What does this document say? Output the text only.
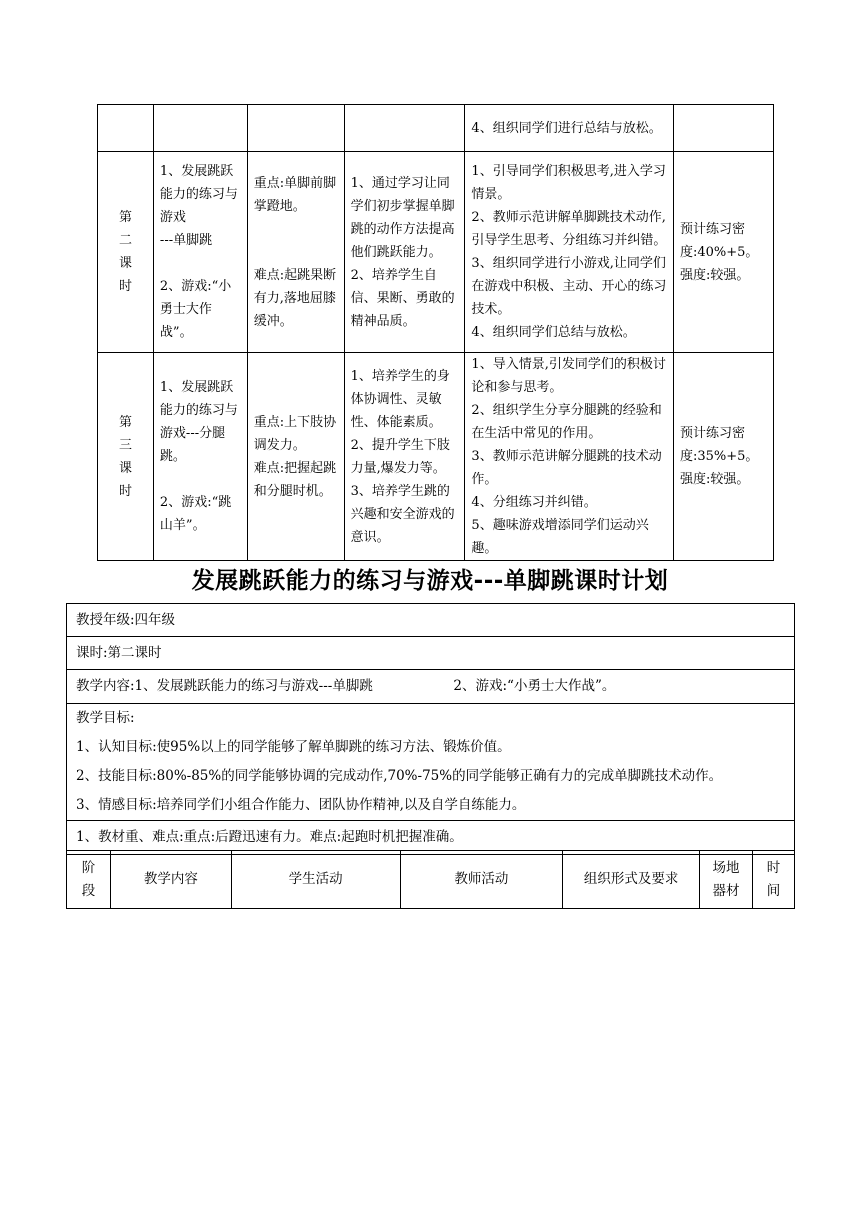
				4、组织同学们进行总结与放松。	
第
二
课
时	1、发展跳跃能力的练习与游戏
---单脚跳

2、游戏:“小勇士大作战”。	重点:单脚前脚掌蹬地。

难点:起跳果断有力,落地屈膝缓冲。	1、通过学习让同学们初步掌握单脚跳的动作方法提高他们跳跃能力。
2、培养学生自信、果断、勇敢的精神品质。	1、引导同学们积极思考,进入学习情景。
2、教师示范讲解单脚跳技术动作,引导学生思考、分组练习并纠错。
3、组织同学进行小游戏,让同学们在游戏中积极、主动、开心的练习技术。
4、组织同学们总结与放松。	预计练习密度:40%+5。
强度:较强。
第
三
课
时	1、发展跳跃能力的练习与游戏---分腿跳。

2、游戏:“跳山羊”。	重点:上下肢协调发力。
难点:把握起跳和分腿时机。	1、培养学生的身体协调性、灵敏性、体能素质。
2、提升学生下肢力量,爆发力等。
3、培养学生跳的兴趣和安全游戏的意识。	1、导入情景,引发同学们的积极讨论和参与思考。
2、组织学生分享分腿跳的经验和在生活中常见的作用。
3、教师示范讲解分腿跳的技术动作。
4、分组练习并纠错。
5、趣味游戏增添同学们运动兴趣。	预计练习密度:35%+5。
强度:较强。
发展跳跃能力的练习与游戏---单脚跳课时计划
教授年级:四年级
课时:第二课时
教学内容:1、发展跳跃能力的练习与游戏---单脚跳	2、游戏:“小勇士大作战”。

教学目标:
1、认知目标:使95%以上的同学能够了解单脚跳的练习方法、锻炼价值。
2、技能目标:80%-85%的同学能够协调的完成动作,70%-75%的同学能够正确有力的完成单脚跳技术动作。
3、情感目标:培养同学们小组合作能力、团队协作精神,以及自学自练能力。

1、教材重、难点:重点:后蹬迅速有力。难点:起跑时机把握准确。
阶
段	教学内容	学生活动	教师活动	组织形式及要求	场地
器材	时
间
